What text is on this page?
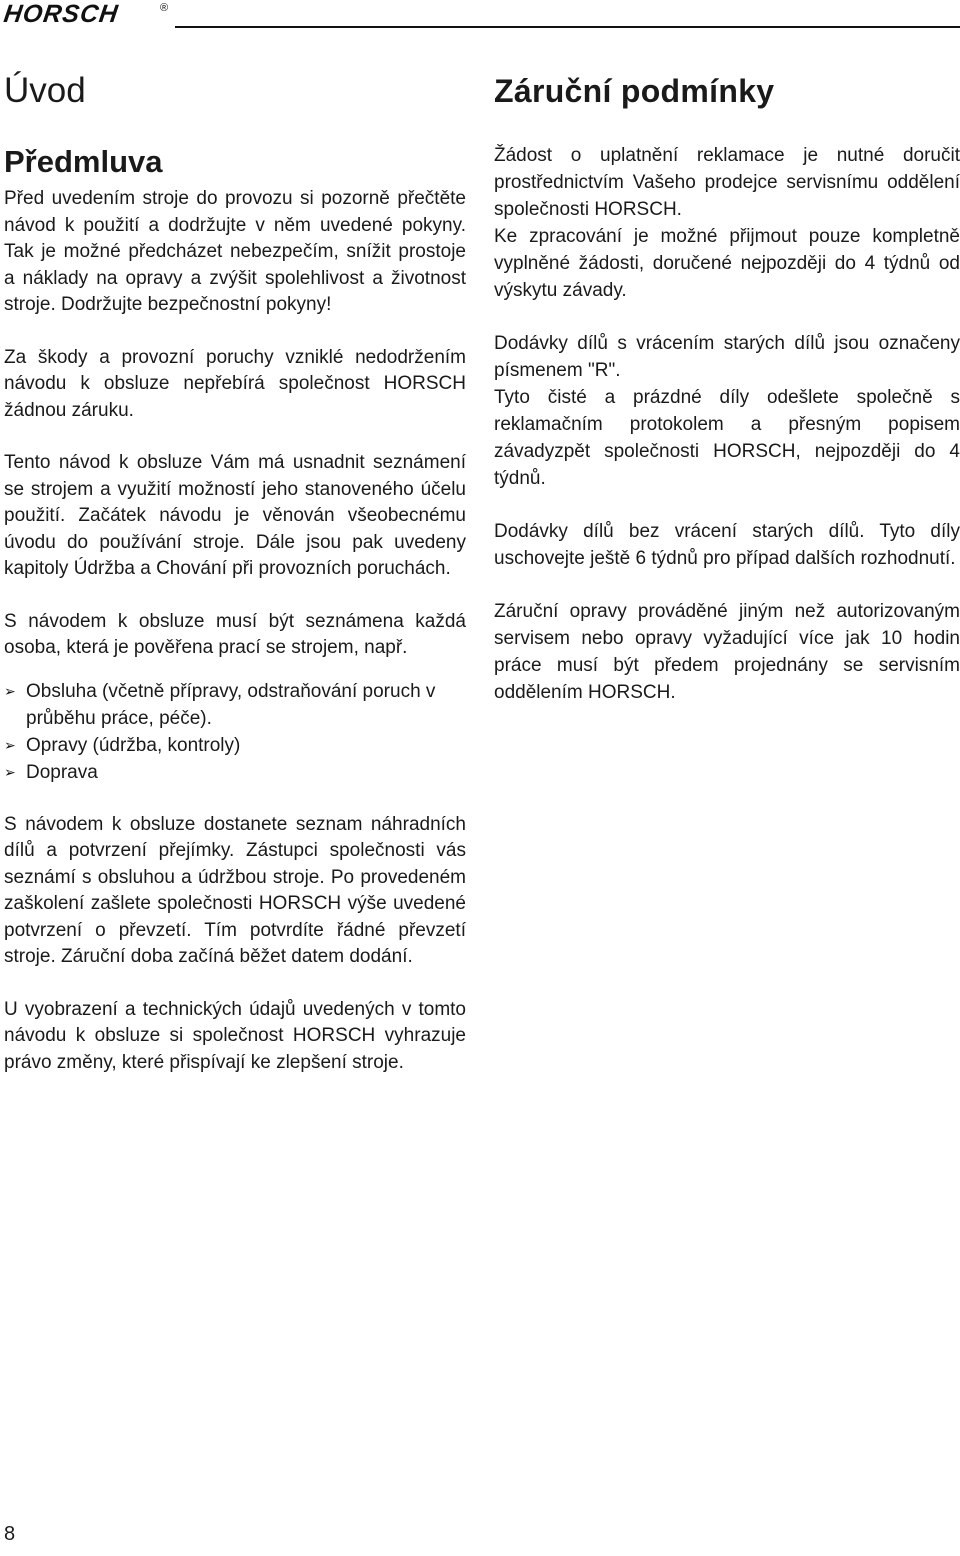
HORSCH	®
Úvod
Předmluva

Před uvedením stroje do provozu si pozorně přečtěte návod k použití a dodržujte v něm uvedené pokyny. Tak je možné předcházet nebezpečím, snížit prostoje a náklady na opravy a zvýšit spolehlivost a životnost stroje. Dodržujte bezpečnostní pokyny!

Za škody a provozní poruchy vzniklé nedodržením návodu k obsluze nepřebírá společnost HORSCH žádnou záruku.

Tento návod k obsluze Vám má usnadnit seznámení se strojem a využití možností jeho stanoveného účelu použití. Začátek návodu je věnován všeobecnému úvodu do používání stroje. Dále jsou pak uvedeny kapitoly Údržba a Chování při provozních poruchách.

S návodem k obsluze musí být seznámena každá osoba, která je pověřena prací se strojem, např.

➢ Obsluha (včetně přípravy, odstraňování poruch v průběhu práce, péče).
➢ Opravy (údržba, kontroly)
➢ Doprava

S návodem k obsluze dostanete seznam náhradních dílů a potvrzení přejímky. Zástupci společnosti vás seznámí s obsluhou a údržbou stroje. Po provedeném zaškolení zašlete společnosti HORSCH výše uvedené potvrzení o převzetí. Tím potvrdíte řádné převzetí stroje. Záruční doba začíná běžet datem dodání.

U vyobrazení a technických údajů uvedených v tomto návodu k obsluze si společnost HORSCH vyhrazuje právo změny, které přispívají ke zlepšení stroje.

Záruční podmínky

Žádost o uplatnění reklamace je nutné doručit prostřednictvím Vašeho prodejce servisnímu oddělení společnosti HORSCH.

Ke zpracování je možné přijmout pouze kompletně vyplněné žádosti, doručené nejpozději do 4 týdnů od výskytu závady.

Dodávky dílů s vrácením starých dílů jsou označeny písmenem "R".

Tyto čisté a prázdné díly odešlete společně s reklamačním protokolem a přesným popisem závadyzpět společnosti HORSCH, nejpozději do 4 týdnů.

Dodávky dílů bez vrácení starých dílů. Tyto díly uschovejte ještě 6 týdnů pro případ dalších rozhodnutí.

Záruční opravy prováděné jiným než autorizovaným servisem nebo opravy vyžadující více jak 10 hodin práce musí být předem projednány se servisním oddělením HORSCH.

8
